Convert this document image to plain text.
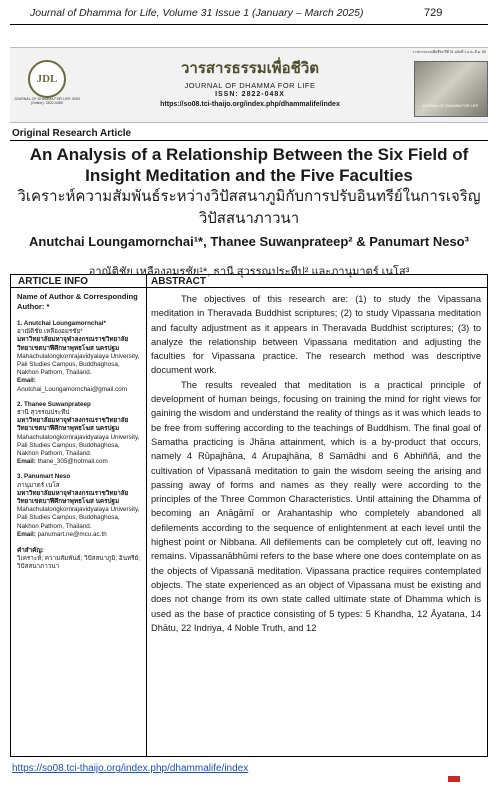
Journal of Dhamma for Life, Volume 31 Issue 1 (January – March 2025)	729
JDL
JOURNAL OF DHAMMA FOR LIFE ISSN (Online): 2822-048X
วารสารธรรมเพื่อชีวิต
JOURNAL OF DHAMMA FOR LIFE
ISSN: 2822-048X
https://so08.tci-thaijo.org/index.php/dhammalife/index
วารสารธรรมเพื่อชีวิต ปีที่ 31 ฉบับที่ 1 ม.ค.-มี.ค. 68
JOURNAL OF DHAMMA FOR LIFE
Original Research Article
An Analysis of a Relationship Between the Six Field of Insight Meditation and the Five Faculties
วิเคราะห์ความสัมพันธ์ระหว่างวิปัสสนาภูมิกับการปรับอินทรีย์ในการเจริญวิปัสสนาภาวนา
Anutchai Loungamornchai¹*, Thanee Suwanprateep² & Panumart Neso³
อาณัติชัย เหลืองอมรชัย¹*, ธานี สุวรรณประทีป² และภานุมาตร์ เนโส³
ARTICLE INFO	ABSTRACT
Name of Author & Corresponding Author: *
1. Anutchai Loungamornchai*
อาณัติชัย เหลืองอมรชัย*
มหาวิทยาลัยมหาจุฬาลงกรณราชวิทยาลัย วิทยาเขตบาฬีศึกษาพุทธโฆส นครปฐม
Mahachulalongkornrajavidyalaya University, Pali Studies Campus, Buddhaghosa, Nakhon Pathom, Thailand.
Email:
Anutchai_Loungamornchai@gmail.com
2. Thanee Suwanprateep
ธานี สุวรรณประทีป
มหาวิทยาลัยมหาจุฬาลงกรณราชวิทยาลัย วิทยาเขตบาฬีศึกษาพุทธโฆส นครปฐม
Mahachulalongkornrajavidyalaya University, Pali Studies Campus, Buddhaghosa, Nakhon Pathom, Thailand.
Email: thane_305@hotmail.com
3. Panumart Neso
ภานุมาตร์ เนโส
มหาวิทยาลัยมหาจุฬาลงกรณราชวิทยาลัย วิทยาเขตบาฬีศึกษาพุทธโฆส นครปฐม
Mahachulalongkornrajavidyalaya University, Pali Studies Campus, Buddhaghosa, Nakhon Pathom, Thailand.
Email: panumart.ne@mcu.ac.th
คำสำคัญ:
วิเคราะห์; ความสัมพันธ์; วิปัสสนาภูมิ; อินทรีย์; วิปัสสนาภาวนา

The objectives of this research are: (1) to study the Vipassana meditation in Theravada Buddhist scriptures; (2) to study Vipassana meditation and faculty adjustment as it appears in Theravada Buddhist scriptures; (3) to analyze the relationship between Vipassana meditation and adjusting the faculties for Vipassana practice. The research method was descriptive document work.

The results revealed that meditation is a practical principle of development of human beings, focusing on training the mind for right views for gaining the wisdom and understand the reality of things as it was which leads to be free from suffering according to the teachings of Buddhism. The final goal of Samatha practicing is Jhāna attainment, which is a by-product that occurs, namely 4 Rūpajhāna, 4 Arupajhāna, 8 Samādhi and 6 Abhiññā, and the cultivation of Vipassanā meditation to gain the wisdom seeing the arising and passing away of forms and names as they really were according to the principles of the Three Common Characteristics. Until attaining the Dhamma of becoming an Anāgāmī or Arahantaship who completely abandoned all defilements according to the sequence of enlightenment at each level until the highest point or Nibbana. All defilements can be completely cut off, leaving no remains. Vipassanābhūmi refers to the base where one does contemplate on as the objects of Vipassanā meditation. Vipassana practice requires contemplated objects. The state experienced as an object of Vipassana must be existing and does not change from its own state called ultimate state of Dhamma which is used as the base of practice consisting of 5 types: 5 Khandha, 12 Āyatana, 14 Dhātu, 22 Indriya, 4 Noble Truth, and 12

https://so08.tci-thaijo.org/index.php/dhammalife/index
